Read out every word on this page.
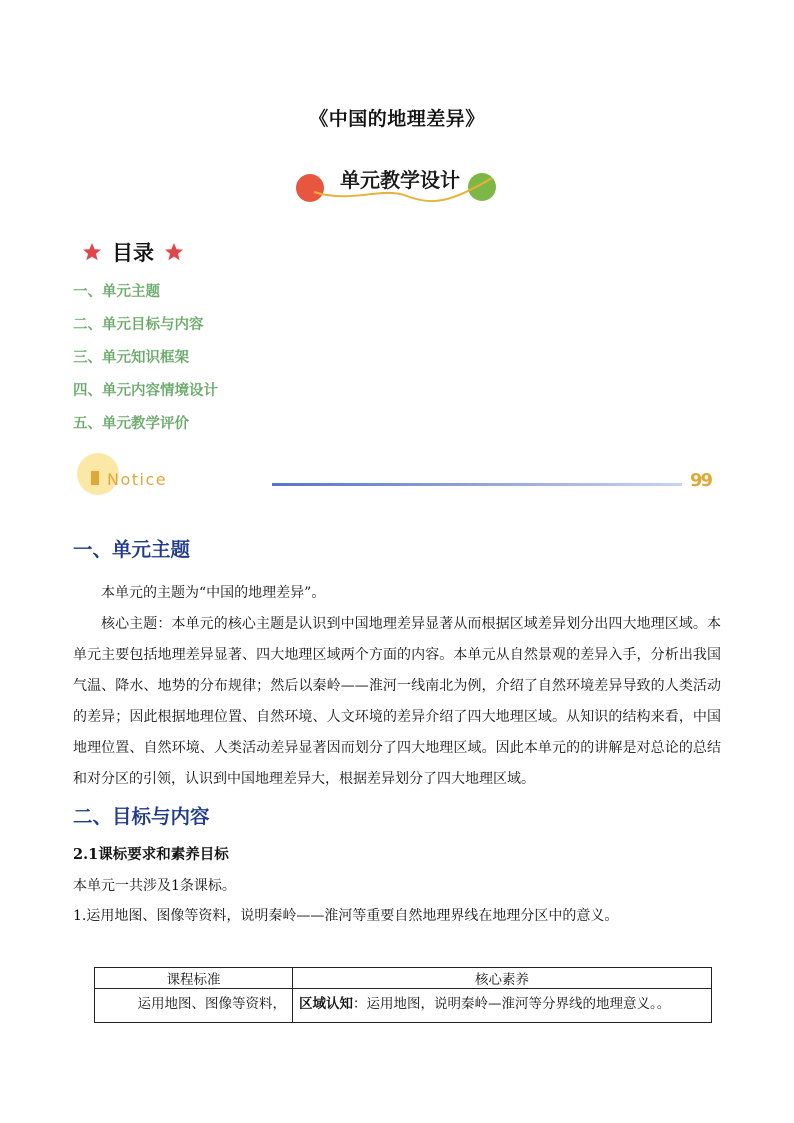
《中国的地理差异》
单元教学设计
目录
一、单元主题
二、单元目标与内容
三、单元知识框架
四、单元内容情境设计
五、单元教学评价
Notice	99
一、单元主题

本单元的主题为“中国的地理差异”。

核心主题：本单元的核心主题是认识到中国地理差异显著从而根据区域差异划分出四大地理区域。本单元主要包括地理差异显著、四大地理区域两个方面的内容。本单元从自然景观的差异入手，分析出我国气温、降水、地势的分布规律；然后以秦岭——淮河一线南北为例，介绍了自然环境差异导致的人类活动的差异；因此根据地理位置、自然环境、人文环境的差异介绍了四大地理区域。从知识的结构来看，中国地理位置、自然环境、人类活动差异显著因而划分了四大地理区域。因此本单元的的讲解是对总论的总结和对分区的引领，认识到中国地理差异大，根据差异划分了四大地理区域。

二、目标与内容
2.1课标要求和素养目标

本单元一共涉及1条课标。

1.运用地图、图像等资料，说明秦岭——淮河等重要自然地理界线在地理分区中的意义。

课程标准	核心素养
运用地图、图像等资料，	区域认知：运用地图，说明秦岭—淮河等分界线的地理意义。。
